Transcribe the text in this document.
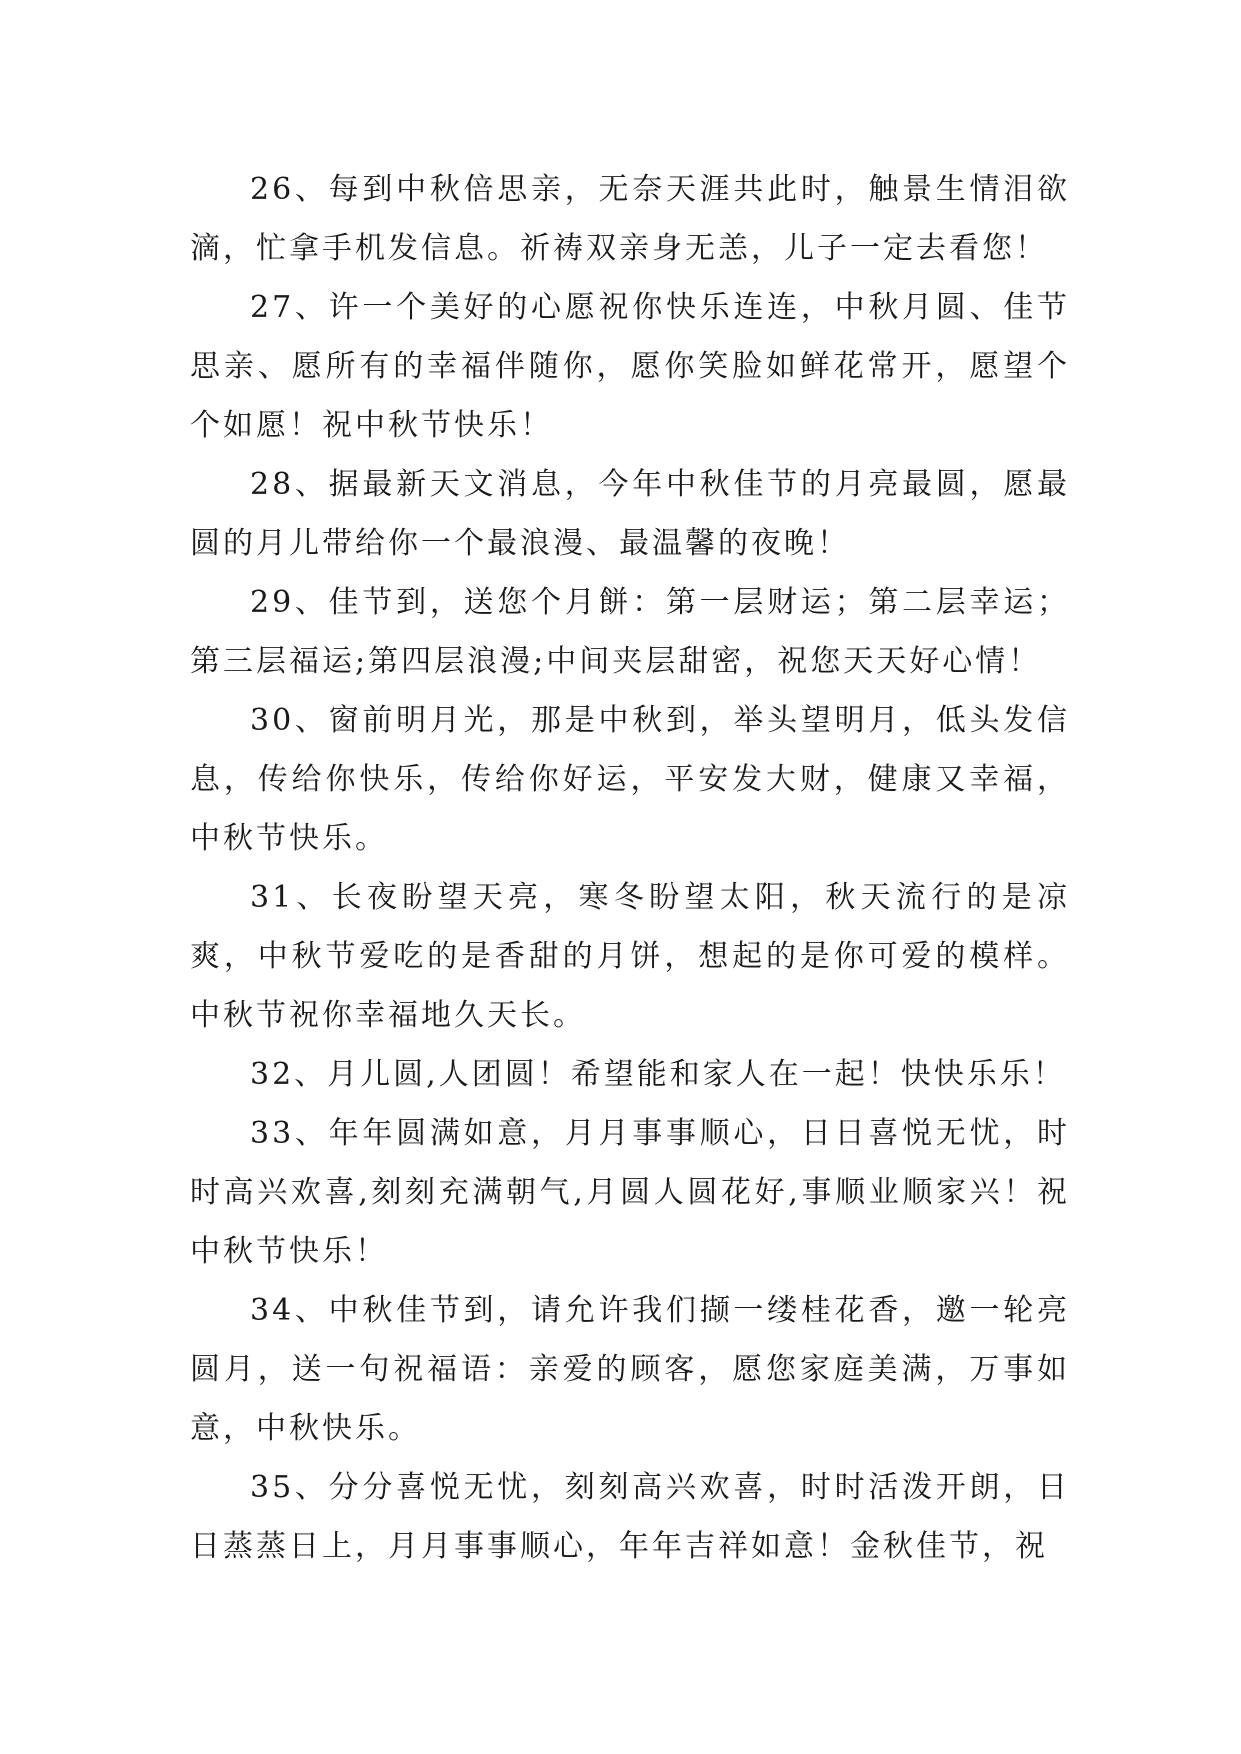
26、每到中秋倍思亲，无奈天涯共此时，触景生情泪欲滴，忙拿手机发信息。祈祷双亲身无恙，儿子一定去看您！

27、许一个美好的心愿祝你快乐连连，中秋月圆、佳节思亲、愿所有的幸福伴随你，愿你笑脸如鲜花常开，愿望个个如愿！祝中秋节快乐！

28、据最新天文消息，今年中秋佳节的月亮最圆，愿最圆的月儿带给你一个最浪漫、最温馨的夜晚！

29、佳节到，送您个月餅：第一层财运；第二层幸运；第三层福运;第四层浪漫;中间夹层甜密，祝您天天好心情！

30、窗前明月光，那是中秋到，举头望明月，低头发信息，传给你快乐，传给你好运，平安发大财，健康又幸福，中秋节快乐。

31、长夜盼望天亮，寒冬盼望太阳，秋天流行的是凉爽，中秋节爱吃的是香甜的月饼，想起的是你可爱的模样。中秋节祝你幸福地久天长。

32、月儿圆,人团圆！希望能和家人在一起！快快乐乐！

33、年年圆满如意，月月事事顺心，日日喜悦无忧，时时高兴欢喜,刻刻充满朝气,月圆人圆花好,事顺业顺家兴！祝中秋节快乐！

34、中秋佳节到，请允许我们撷一缕桂花香，邀一轮亮圆月，送一句祝福语：亲爱的顾客，愿您家庭美满，万事如意，中秋快乐。

35、分分喜悦无忧，刻刻高兴欢喜，时时活泼开朗，日日蒸蒸日上，月月事事顺心，年年吉祥如意！金秋佳节，祝
